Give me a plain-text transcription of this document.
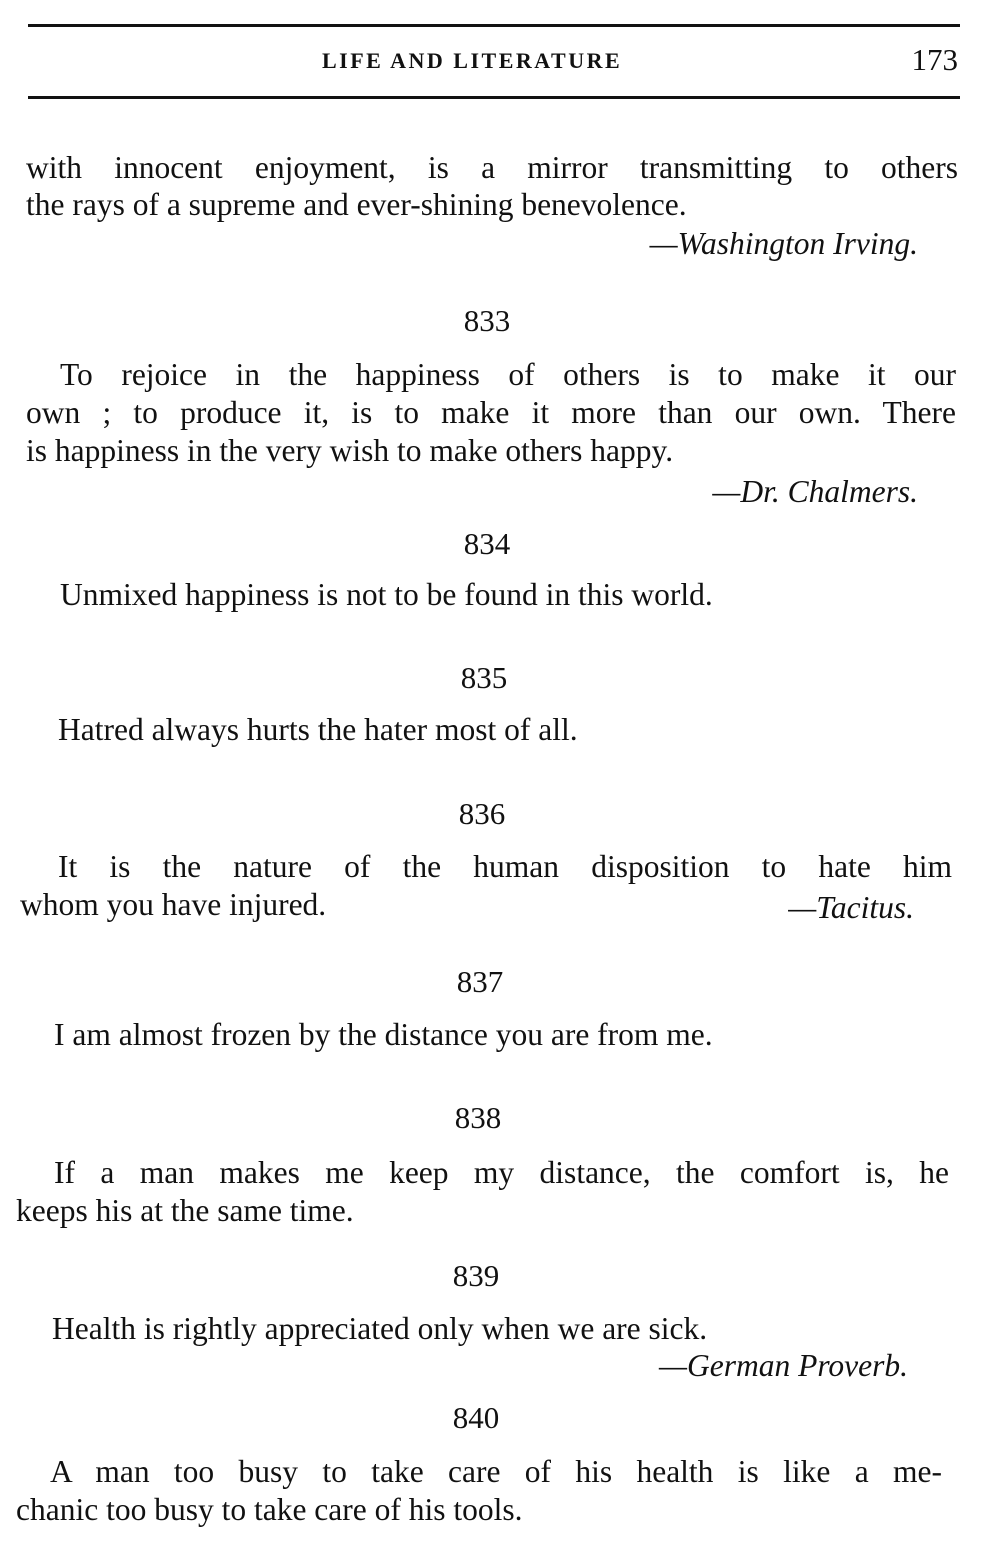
LIFE AND LITERATURE	173
with innocent enjoyment, is a mirror transmitting to others
the rays of a supreme and ever-shining benevolence.
—Washington Irving.
833
To rejoice in the happiness of others is to make it our
own ; to produce it, is to make it more than our own. There
is happiness in the very wish to make others happy.
—Dr. Chalmers.
834
Unmixed happiness is not to be found in this world.
835
Hatred always hurts the hater most of all.
836
It is the nature of the human disposition to hate him
whom you have injured.	—Tacitus.
837
I am almost frozen by the distance you are from me.
838
If a man makes me keep my distance, the comfort is, he
keeps his at the same time.
839
Health is rightly appreciated only when we are sick.
—German Proverb.
840
A man too busy to take care of his health is like a me-
chanic too busy to take care of his tools.
